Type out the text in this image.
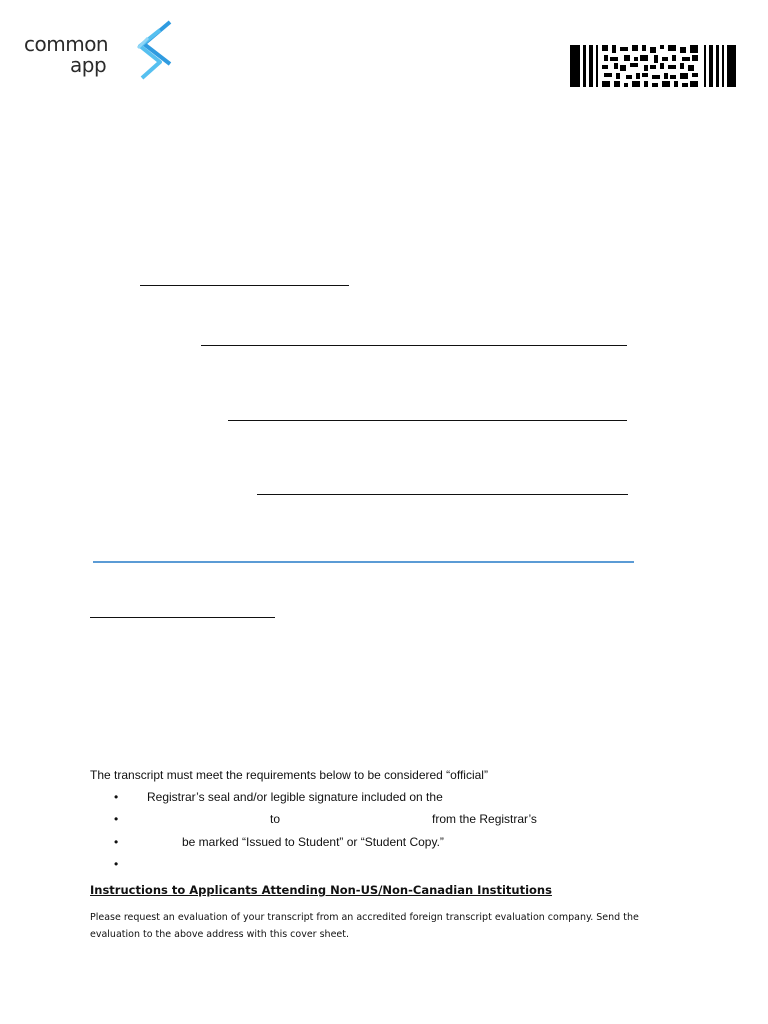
common
app
The transcript must meet the requirements below to be considered “official”
• Registrar’s seal and/or legible signature included on the
•	to	from the Registrar’s
•	be marked “Issued to Student” or “Student Copy.”
•
Instructions to Applicants Attending Non-US/Non-Canadian Institutions
Please request an evaluation of your transcript from an accredited foreign transcript evaluation company. Send the evaluation to the above address with this cover sheet.
